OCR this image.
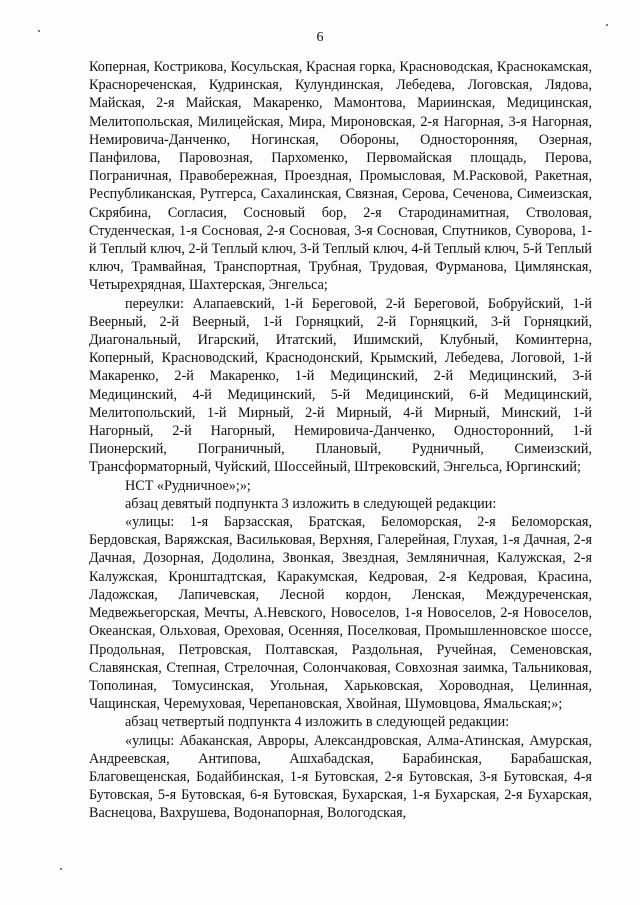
6

Коперная, Кострикова, Косульская, Красная горка, Красноводская, Краснокамская, Краснореченская, Кудринская, Кулундинская, Лебедева, Логовская, Лядова, Майская, 2-я Майская, Макаренко, Мамонтова, Мариинская, Медицинская, Мелитопольская, Милицейская, Мира, Мироновская, 2-я Нагорная, 3-я Нагорная, Немировича-Данченко, Ногинская, Обороны, Односторонняя, Озерная, Панфилова, Паровозная, Пархоменко, Первомайская площадь, Перова, Пограничная, Правобережная, Проездная, Промысловая, М.Расковой, Ракетная, Республиканская, Рутгерса, Сахалинская, Связная, Серова, Сеченова, Симеизская, Скрябина, Согласия, Сосновый бор, 2-я Стародинамитная, Стволовая, Студенческая, 1-я Сосновая, 2-я Сосновая, 3-я Сосновая, Спутников, Суворова, 1-й Теплый ключ, 2-й Теплый ключ, 3-й Теплый ключ, 4-й Теплый ключ, 5-й Теплый ключ, Трамвайная, Транспортная, Трубная, Трудовая, Фурманова, Цимлянская, Четырехрядная, Шахтерская, Энгельса;

переулки: Алапаевский, 1-й Береговой, 2-й Береговой, Бобруйский, 1-й Веерный, 2-й Веерный, 1-й Горняцкий, 2-й Горняцкий, 3-й Горняцкий, Диагональный, Игарский, Итатский, Ишимский, Клубный, Коминтерна, Коперный, Красноводский, Краснодонский, Крымский, Лебедева, Логовой, 1-й Макаренко, 2-й Макаренко, 1-й Медицинский, 2-й Медицинский, 3-й Медицинский, 4-й Медицинский, 5-й Медицинский, 6-й Медицинский, Мелитопольский, 1-й Мирный, 2-й Мирный, 4-й Мирный, Минский, 1-й Нагорный, 2-й Нагорный, Немировича-Данченко, Односторонний, 1-й Пионерский, Пограничный, Плановый, Рудничный, Симеизский, Трансформаторный, Чуйский, Шоссейный, Штрековский, Энгельса, Юргинский;

НСТ «Рудничное»;»;

абзац девятый подпункта 3 изложить в следующей редакции:

«улицы: 1-я Барзасская, Братская, Беломорская, 2-я Беломорская, Бердовская, Варяжская, Васильковая, Верхняя, Галерейная, Глухая, 1-я Дачная, 2-я Дачная, Дозорная, Додолина, Звонкая, Звездная, Земляничная, Калужская, 2-я Калужская, Кронштадтская, Каракумская, Кедровая, 2-я Кедровая, Красина, Ладожская, Лапичевская, Лесной кордон, Ленская, Междуреченская, Медвежьегорская, Мечты, А.Невского, Новоселов, 1-я Новоселов, 2-я Новоселов, Океанская, Ольховая, Ореховая, Осенняя, Поселковая, Промышленновское шоссе, Продольная, Петровская, Полтавская, Раздольная, Ручейная, Семеновская, Славянская, Степная, Стрелочная, Солончаковая, Совхозная заимка, Тальниковая, Тополиная, Томусинская, Угольная, Харьковская, Хороводная, Целинная, Чащинская, Черемуховая, Черепановская, Хвойная, Шумовцова, Ямальская;»;

абзац четвертый подпункта 4 изложить в следующей редакции:

«улицы: Абаканская, Авроры, Александровская, Алма-Атинская, Амурская, Андреевская, Антипова, Ашхабадская, Барабинская, Барабашская, Благовещенская, Бодайбинская, 1-я Бутовская, 2-я Бутовская, 3-я Бутовская, 4-я Бутовская, 5-я Бутовская, 6-я Бутовская, Бухарская, 1-я Бухарская, 2-я Бухарская, Васнецова, Вахрушева, Водонапорная, Вологодская,
